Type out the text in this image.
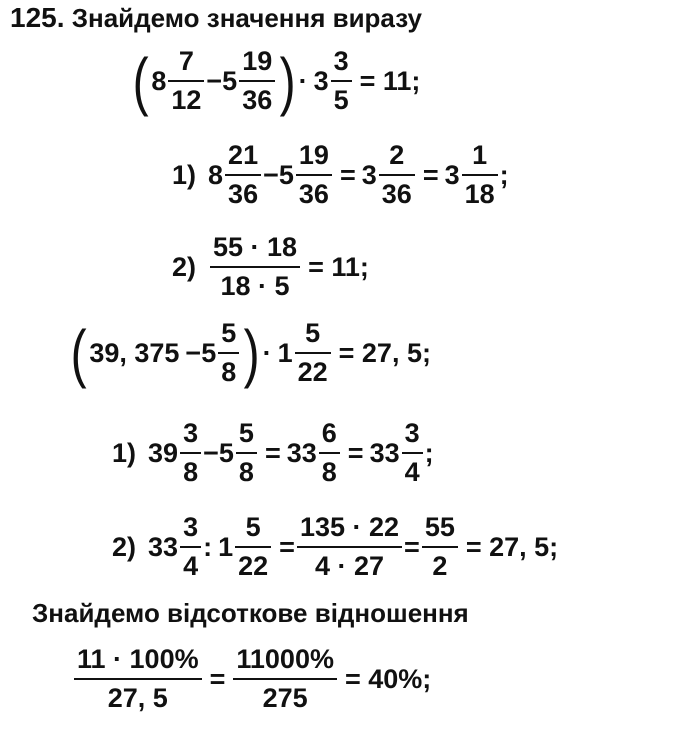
125. Знайдемо значення виразу
( $8 \frac{7}{12} - 5 \frac{19}{36}$ ) · $3 \frac{3}{5} = 11$;
1) $8 \frac{21}{36} - 5 \frac{19}{36} = 3 \frac{2}{36} = 3 \frac{1}{18}$ ;
$2) \frac{55 \cdot 18}{18 \cdot 5} = 11$;
( 39, $375 - 5 \frac{5}{8}$ ) · $1 \frac{5}{22} = 27$, 5;
1) $39 \frac{3}{8} - 5 \frac{5}{8} = 33 \frac{6}{8} = 33 \frac{3}{4}$ ;
2) $33 \frac{3}{4}$ : $1 \frac{5}{22} = \frac{135 \cdot 22}{4 \cdot 27} = \frac{55}{2} = 27$, 5;
Знайдемо відсоткове відношення
$\frac{11 \cdot 100\%}{27, 5} = \frac{11000\%}{275} = 40\%$;
